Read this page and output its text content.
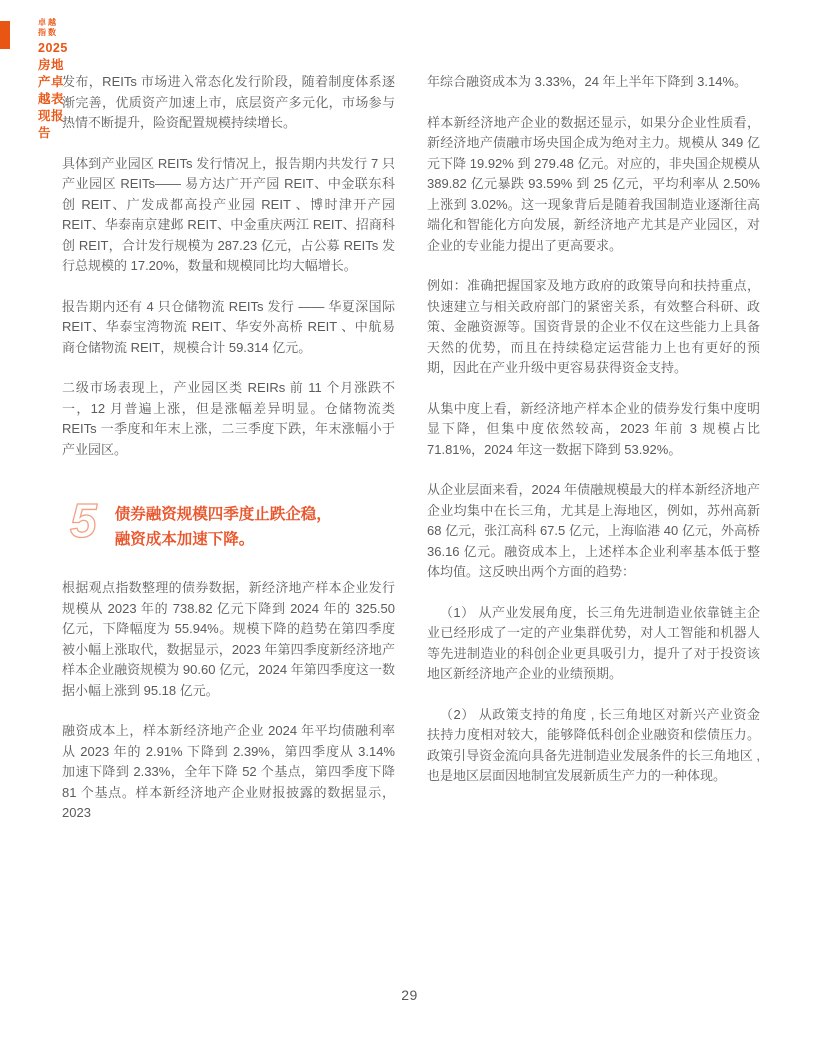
卓越指数
2025 房地产卓越表现报告

发布，REITs 市场进入常态化发行阶段，随着制度体系逐渐完善，优质资产加速上市，底层资产多元化，市场参与热情不断提升，险资配置规模持续增长。

具体到产业园区 REITs 发行情况上，报告期内共发行 7 只产业园区 REITs—— 易方达广开产园 REIT、中金联东科创 REIT、广发成都高投产业园 REIT 、博时津开产园 REIT、华泰南京建邺 REIT、中金重庆两江 REIT、招商科创 REIT，合计发行规模为 287.23 亿元，占公募 REITs 发行总规模的 17.20%，数量和规模同比均大幅增长。

报告期内还有 4 只仓储物流 REITs 发行 —— 华夏深国际 REIT、华泰宝湾物流 REIT、华安外高桥 REIT 、中航易商仓储物流 REIT，规模合计 59.314 亿元。

二级市场表现上，产业园区类 REIRs 前 11 个月涨跌不一，12 月普遍上涨，但是涨幅差异明显。仓储物流类 REITs 一季度和年末上涨，二三季度下跌，年末涨幅小于产业园区。

5 债券融资规模四季度止跌企稳，
融资成本加速下降。

根据观点指数整理的债券数据，新经济地产样本企业发行规模从 2023 年的 738.82 亿元下降到 2024 年的 325.50 亿元，下降幅度为 55.94%。规模下降的趋势在第四季度被小幅上涨取代，数据显示，2023 年第四季度新经济地产样本企业融资规模为 90.60 亿元，2024 年第四季度这一数据小幅上涨到 95.18 亿元。

融资成本上，样本新经济地产企业 2024 年平均债融利率从 2023 年的 2.91% 下降到 2.39%，第四季度从 3.14% 加速下降到 2.33%，全年下降 52 个基点，第四季度下降 81 个基点。样本新经济地产企业财报披露的数据显示，2023

年综合融资成本为 3.33%，24 年上半年下降到 3.14%。

样本新经济地产企业的数据还显示，如果分企业性质看，新经济地产债融市场央国企成为绝对主力。规模从 349 亿元下降 19.92% 到 279.48 亿元。对应的，非央国企规模从 389.82 亿元暴跌 93.59% 到 25 亿元，平均利率从 2.50% 上涨到 3.02%。这一现象背后是随着我国制造业逐渐往高端化和智能化方向发展，新经济地产尤其是产业园区，对企业的专业能力提出了更高要求。

例如：准确把握国家及地方政府的政策导向和扶持重点，快速建立与相关政府部门的紧密关系，有效整合科研、政策、金融资源等。国资背景的企业不仅在这些能力上具备天然的优势，而且在持续稳定运营能力上也有更好的预期，因此在产业升级中更容易获得资金支持。

从集中度上看，新经济地产样本企业的债券发行集中度明显下降，但集中度依然较高，2023 年前 3 规模占比 71.81%，2024 年这一数据下降到 53.92%。

从企业层面来看，2024 年债融规模最大的样本新经济地产企业均集中在长三角，尤其是上海地区，例如，苏州高新 68 亿元，张江高科 67.5 亿元，上海临港 40 亿元，外高桥 36.16 亿元。融资成本上，上述样本企业利率基本低于整体均值。这反映出两个方面的趋势：

（1） 从产业发展角度，长三角先进制造业依靠链主企业已经形成了一定的产业集群优势，对人工智能和机器人等先进制造业的科创企业更具吸引力，提升了对于投资该地区新经济地产企业的业绩预期。

（2） 从政策支持的角度 , 长三角地区对新兴产业资金扶持力度相对较大，能够降低科创企业融资和偿债压力。政策引导资金流向具备先进制造业发展条件的长三角地区 , 也是地区层面因地制宜发展新质生产力的一种体现。

29
